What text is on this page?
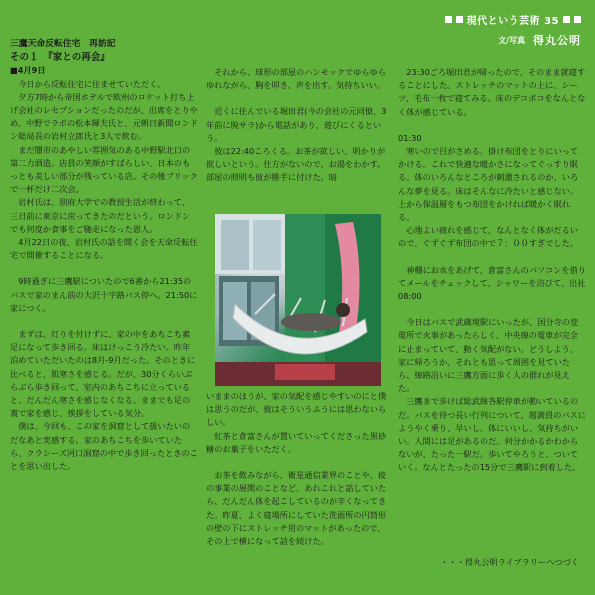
現代という芸術 35
文/写真 得丸公明

三鷹天命反転住宅　再訪記

その１　『家との再会』

■4月9日

　今日から反転住宅に住ませていただく。
　夕方7時から帝国ホテルで欧州のロケット打ち上げ会社のレセプションだったのだが、出席をとりやめ、中野でラボの松本輝夫氏と、元朝日新聞ロンドン総局長の岩村立郎氏と3人で飲む。
　まだ闇市のあやしい雰囲気のある中野駅北口の第二力酒造。店員の笑顔がすばらしい、日本のもっとも美しい部分が残っている店。その後ブリックで一杯だけ二次会。
　岩村氏は、別府大学での教授生活が終わって、三日前に東京に戻ってきたのだという。ロンドンでも何度か食事をご馳走になった恩人。
　4月22日の夜、岩村氏の話を聞く会を天命反転住宅で開催することになる。

　9時過ぎに三鷹駅についたので6番から21:35のバスで家のまん前の大沢十字路バス停へ。21:50に家につく。

　まずは、灯りを付けずに、家の中をあちこち素足になって歩き回る。床はけっこう冷たい。昨年泊めていただいたのは8月-9月だった。そのときに比べると、肌寒さを感じる。だが、30分くらいぶらぶら歩き回って、室内のあちこちに立っていると、だんだん寒さを感じなくなる。ままでも足の裏で家を感じ、挨拶をしている気分。
　僕は、今回も、この家を洞窟として扱いたいのだなあと実感する。家のあちこちを歩いていたら、クラシーズ河口洞窟の中で歩き回ったときのことを思い出した。

　それから、球形の部屋のハンモックでゆらゆらゆれながら、胸を叩き、声を出す。気持ちいい。

　近くに住んでいる堀田君(今の会社の元同僚、3年前に脱サラ)から電話があり、遊びにくるという。
　彼は22:40ころくる。お茶が欲しい、明かりが欲しいという。仕方がないので、お湯をわかす。部屋の照明も彼が勝手に付けた。暗

いままのほうが、家の気配を感じやすいのにと僕は思うのだが、彼はそういうふうには思わないらしい。
　紅茶と倉富さんが置いていってくださった黒砂糖のお菓子をいただく。

　お茶を飲みながら、衛星通信業界のことや、彼の事業の展開のことなど、あれこれと話していたら、だんだん体を起こしているのが辛くなってきた。昨夏、よく寝場所にしていた洗面所の円筒形の壁の下にストレッチ用のマットがあったので、その上で横になって話を続けた。

　23:30ごろ堀田君が帰ったので、そのまま就寝することにした。ストレッチのマットの上に、シーツ、毛布一枚で寝てみる。床のデコボコをなんとなく体が感じている。

01:30
　寒いので目がさめる。掛け布団をとりにいってかける。これで快適な暖かさになってぐっすり眠る。体のいろんなところが刺激されるのか、いろんな夢を見る。床はそんなに冷たいと感じない。上から保温層をもつ布団をかければ暖かく眠れる。
　心地よい疲れを感じて、なんとなく体がだるいので、ぐずぐず布団の中で７：００すぎでした。

　神棚にお水をあげて、倉富さんのパソコンを借りてメールをチェックして、シャワーを浴びて、出社　08:00

　今日はバスで武蔵境駅にいったが、国分寺の変電所で火事があったらしく、中央線の電車が完全に止まっていて、動く気配がない。どうしよう、家に帰ろうか、それとも思って周囲を見ていたら、線路沿いに三鷹方面に歩く人の群れが見えた。
　三鷹まで歩けば総武線各駅停車が動いているのだ。バスを待つ長い行列について、超満員のバスにようやく乗り、早いし、体にいいし、気持ちがいい。人間には足があるのだ。何分かかるかわからないが、たった一駅だ。歩いてやろうと、ついていく。なんとたったの15分で三鷹駅に到着した。

・・・得丸公明ライブラリーへつづく
